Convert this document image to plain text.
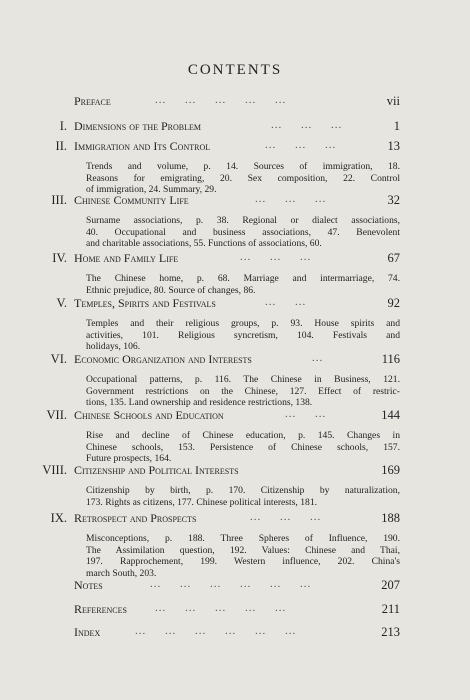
CONTENTS
Preface	...     ...     ...     ...     ...	vii
I. Dimensions of the Problem	...     ...     ...	1
II. Immigration and Its Control	...     ...     ...	13
Trends and volume, p. 14. Sources of immigration, 18.
Reasons for emigrating, 20. Sex composition, 22. Control
of immigration, 24. Summary, 29.
III. Chinese Community Life	...     ...     ...	32
Surname associations, p. 38. Regional or dialect associations,
40. Occupational and business associations, 47. Benevolent
and charitable associations, 55. Functions of associations, 60.
IV. Home and Family Life	...     ...     ...	67
The Chinese home, p. 68. Marriage and intermarriage, 74.
Ethnic prejudice, 80. Source of changes, 86.
V. Temples, Spirits and Festivals	...     ...	92
Temples and their religious groups, p. 93. House spirits and
activities, 101. Religious syncretism, 104. Festivals and
holidays, 106.
VI. Economic Organization and Interests	...	116
Occupational patterns, p. 116. The Chinese in Business, 121.
Government restrictions on the Chinese, 127. Effect of restric-
tions, 135. Land ownership and residence restrictions, 138.
VII. Chinese Schools and Education	...     ...	144
Rise and decline of Chinese education, p. 145. Changes in
Chinese schools, 153. Persistence of Chinese schools, 157.
Future prospects, 164.
VIII. Citizenship and Political Interests	169
Citizenship by birth, p. 170. Citizenship by naturalization,
173. Rights as citizens, 177. Chinese political interests, 181.
IX. Retrospect and Prospects	...     ...     ...	188
Misconceptions, p. 188. Three Spheres of Influence, 190.
The Assimilation question, 192. Values: Chinese and Thai,
197. Rapprochement, 199. Western influence, 202. China's
march South, 203.
Notes	...     ...     ...     ...     ...     ...	207
References	...     ...     ...     ...     ...	211
Index	...     ...     ...     ...     ...     ...	213
